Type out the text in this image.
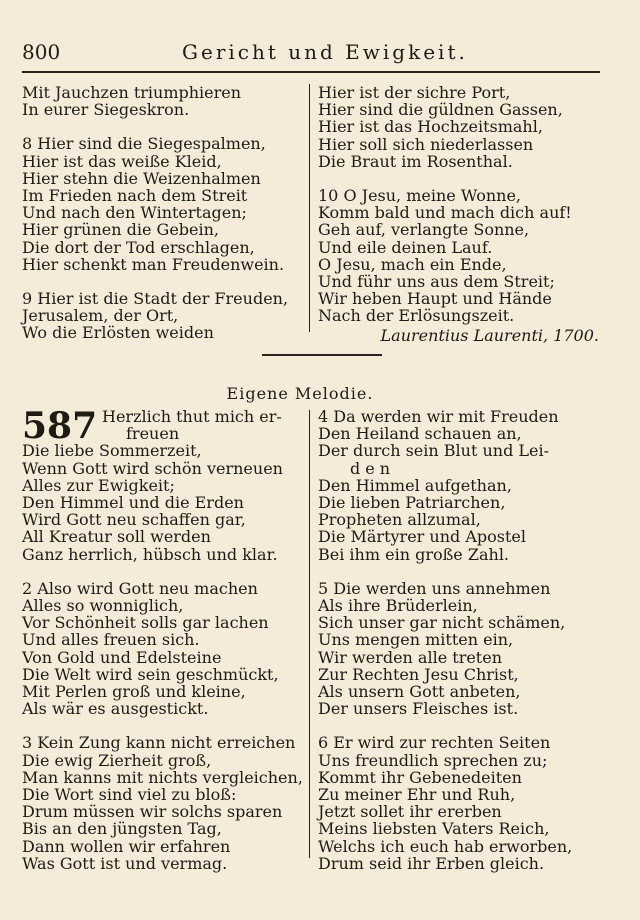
800	Gericht und Ewigkeit.
Mit Jauchzen triumphieren
In eurer Siegeskron.
8 Hier sind die Siegespalmen,
Hier ist das weiße Kleid,
Hier stehn die Weizenhalmen
Im Frieden nach dem Streit
Und nach den Wintertagen;
Hier grünen die Gebein,
Die dort der Tod erschlagen,
Hier schenkt man Freudenwein.
9 Hier ist die Stadt der Freuden,
Jerusalem, der Ort,
Wo die Erlösten weiden
Hier ist der sichre Port,
Hier sind die güldnen Gassen,
Hier ist das Hochzeitsmahl,
Hier soll sich niederlassen
Die Braut im Rosenthal.
10 O Jesu, meine Wonne,
Komm bald und mach dich auf!
Geh auf, verlangte Sonne,
Und eile deinen Lauf.
O Jesu, mach ein Ende,
Und führ uns aus dem Streit;
Wir heben Haupt und Hände
Nach der Erlösungszeit.
Laurentius Laurenti, 1700.
Eigene Melodie.
587 Herzlich thut mich er-
freuen
Die liebe Sommerzeit,
Wenn Gott wird schön verneuen
Alles zur Ewigkeit;
Den Himmel und die Erden
Wird Gott neu schaffen gar,
All Kreatur soll werden
Ganz herrlich, hübsch und klar.
2 Also wird Gott neu machen
Alles so wonniglich,
Vor Schönheit solls gar lachen
Und alles freuen sich.
Von Gold und Edelsteine
Die Welt wird sein geschmückt,
Mit Perlen groß und kleine,
Als wär es ausgestickt.
3 Kein Zung kann nicht erreichen
Die ewig Zierheit groß,
Man kanns mit nichts vergleichen,
Die Wort sind viel zu bloß:
Drum müssen wir solchs sparen
Bis an den jüngsten Tag,
Dann wollen wir erfahren
Was Gott ist und vermag.
4 Da werden wir mit Freuden
Den Heiland schauen an,
Der durch sein Blut und Lei-
den
Den Himmel aufgethan,
Die lieben Patriarchen,
Propheten allzumal,
Die Märtyrer und Apostel
Bei ihm ein große Zahl.
5 Die werden uns annehmen
Als ihre Brüderlein,
Sich unser gar nicht schämen,
Uns mengen mitten ein,
Wir werden alle treten
Zur Rechten Jesu Christ,
Als unsern Gott anbeten,
Der unsers Fleisches ist.
6 Er wird zur rechten Seiten
Uns freundlich sprechen zu;
Kommt ihr Gebenedeiten
Zu meiner Ehr und Ruh,
Jetzt sollet ihr ererben
Meins liebsten Vaters Reich,
Welchs ich euch hab erworben,
Drum seid ihr Erben gleich.
